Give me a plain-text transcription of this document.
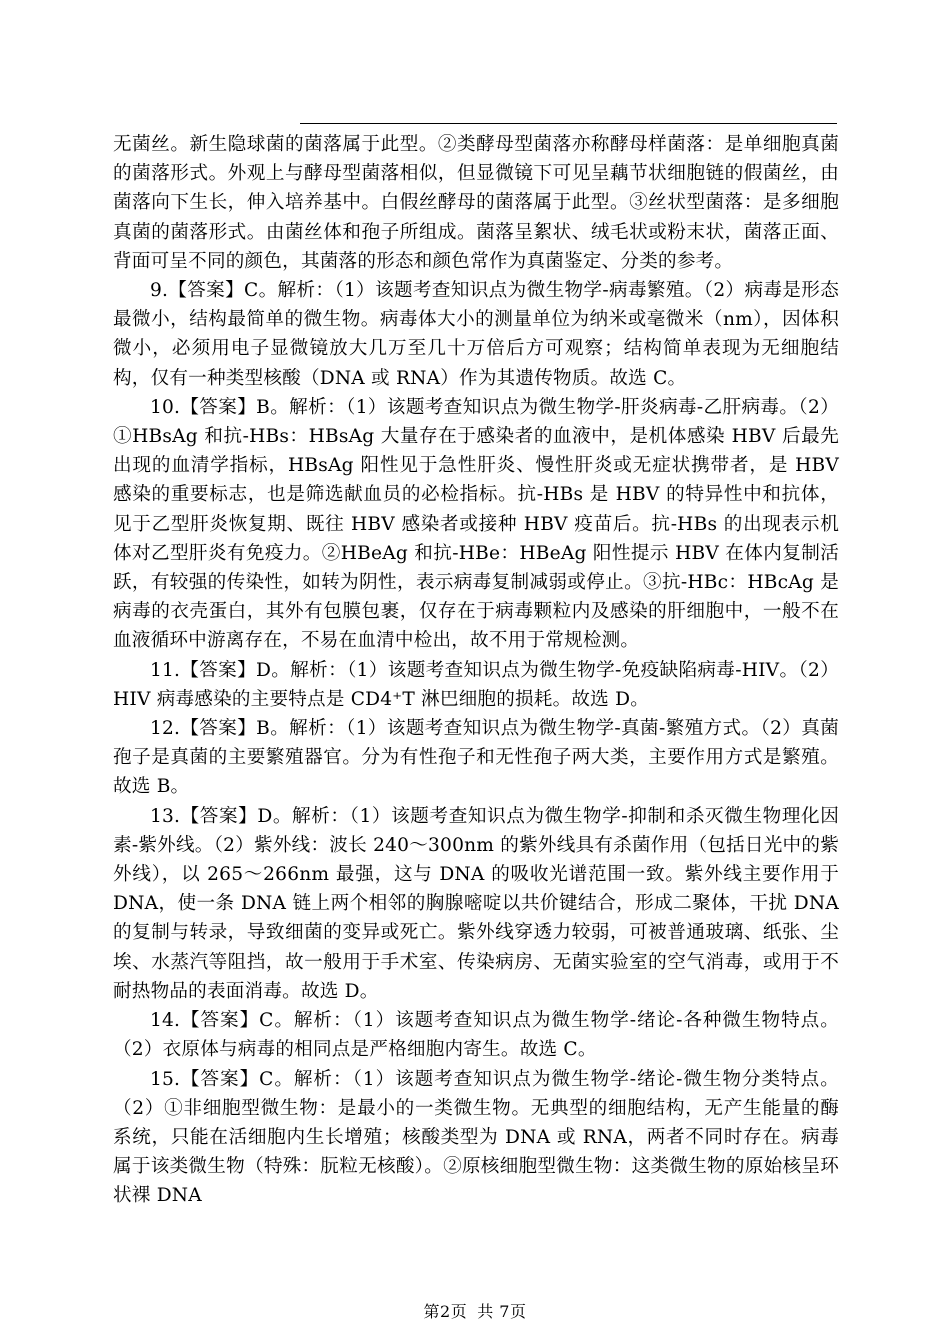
无菌丝。新生隐球菌的菌落属于此型。②类酵母型菌落亦称酵母样菌落：是单细胞真菌的菌落形式。外观上与酵母型菌落相似，但显微镜下可见呈藕节状细胞链的假菌丝，由菌落向下生长，伸入培养基中。白假丝酵母的菌落属于此型。③丝状型菌落：是多细胞真菌的菌落形式。由菌丝体和孢子所组成。菌落呈絮状、绒毛状或粉末状，菌落正面、背面可呈不同的颜色，其菌落的形态和颜色常作为真菌鉴定、分类的参考。

9.【答案】C。解析：（1）该题考查知识点为微生物学-病毒繁殖。（2）病毒是形态最微小，结构最简单的微生物。病毒体大小的测量单位为纳米或毫微米（nm），因体积微小，必须用电子显微镜放大几万至几十万倍后方可观察；结构简单表现为无细胞结构，仅有一种类型核酸（DNA 或 RNA）作为其遗传物质。故选 C。

10.【答案】B。解析：（1）该题考查知识点为微生物学-肝炎病毒-乙肝病毒。（2）①HBsAg 和抗-HBs：HBsAg 大量存在于感染者的血液中，是机体感染 HBV 后最先出现的血清学指标，HBsAg 阳性见于急性肝炎、慢性肝炎或无症状携带者，是 HBV 感染的重要标志，也是筛选献血员的必检指标。抗-HBs 是 HBV 的特异性中和抗体，见于乙型肝炎恢复期、既往 HBV 感染者或接种 HBV 疫苗后。抗-HBs 的出现表示机体对乙型肝炎有免疫力。②HBeAg 和抗-HBe：HBeAg 阳性提示 HBV 在体内复制活跃，有较强的传染性，如转为阴性，表示病毒复制减弱或停止。③抗-HBc：HBcAg 是病毒的衣壳蛋白，其外有包膜包裹，仅存在于病毒颗粒内及感染的肝细胞中，一般不在血液循环中游离存在，不易在血清中检出，故不用于常规检测。

11.【答案】D。解析：（1）该题考查知识点为微生物学-免疫缺陷病毒-HIV。（2）HIV 病毒感染的主要特点是 CD4⁺T 淋巴细胞的损耗。故选 D。

12.【答案】B。解析：（1）该题考查知识点为微生物学-真菌-繁殖方式。（2）真菌孢子是真菌的主要繁殖器官。分为有性孢子和无性孢子两大类，主要作用方式是繁殖。故选 B。

13.【答案】D。解析：（1）该题考查知识点为微生物学-抑制和杀灭微生物理化因素-紫外线。（2）紫外线：波长 240～300nm 的紫外线具有杀菌作用（包括日光中的紫外线），以 265～266nm 最强，这与 DNA 的吸收光谱范围一致。紫外线主要作用于 DNA，使一条 DNA 链上两个相邻的胸腺嘧啶以共价键结合，形成二聚体，干扰 DNA 的复制与转录，导致细菌的变异或死亡。紫外线穿透力较弱，可被普通玻璃、纸张、尘埃、水蒸汽等阻挡，故一般用于手术室、传染病房、无菌实验室的空气消毒，或用于不耐热物品的表面消毒。故选 D。

14.【答案】C。解析：（1）该题考查知识点为微生物学-绪论-各种微生物特点。（2）衣原体与病毒的相同点是严格细胞内寄生。故选 C。

15.【答案】C。解析：（1）该题考查知识点为微生物学-绪论-微生物分类特点。（2）①非细胞型微生物：是最小的一类微生物。无典型的细胞结构，无产生能量的酶系统，只能在活细胞内生长增殖；核酸类型为 DNA 或 RNA，两者不同时存在。病毒属于该类微生物（特殊：朊粒无核酸）。②原核细胞型微生物：这类微生物的原始核呈环状裸 DNA

第2页 共 7页
